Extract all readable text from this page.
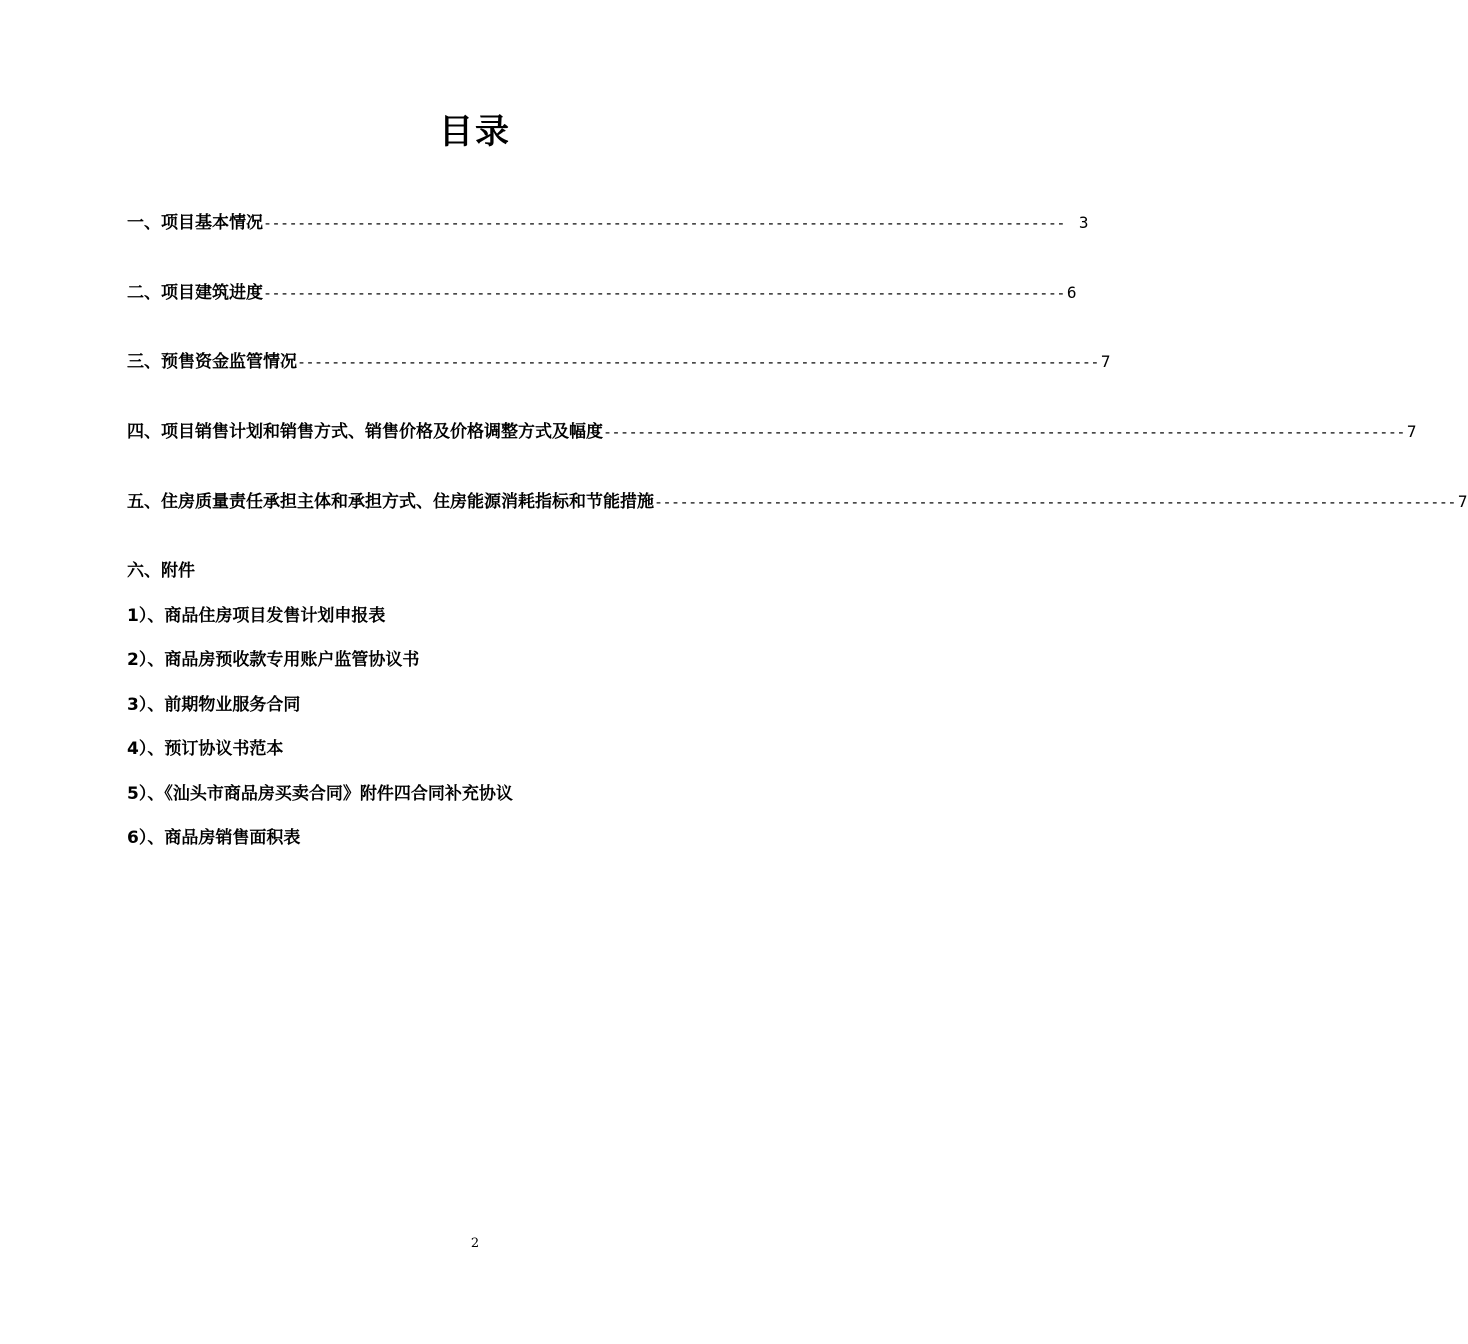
目录
一、项目基本情况 ---------------------------------------------------------------------------------------------- 3
二、项目建筑进度 ---------------------------------------------------------------------------------------------- 6
三、预售资金监管情况 ---------------------------------------------------------------------------------------------- 7
四、项目销售计划和销售方式、销售价格及价格调整方式及幅度 ---------------------------------------------------------------------------------------------- 7
五、住房质量责任承担主体和承担方式、住房能源消耗指标和节能措施 ---------------------------------------------------------------------------------------------- 7
六、附件
1）、商品住房项目发售计划申报表
2）、商品房预收款专用账户监管协议书
3）、前期物业服务合同
4）、预订协议书范本
5）、《汕头市商品房买卖合同》附件四合同补充协议
6）、商品房销售面积表
2
